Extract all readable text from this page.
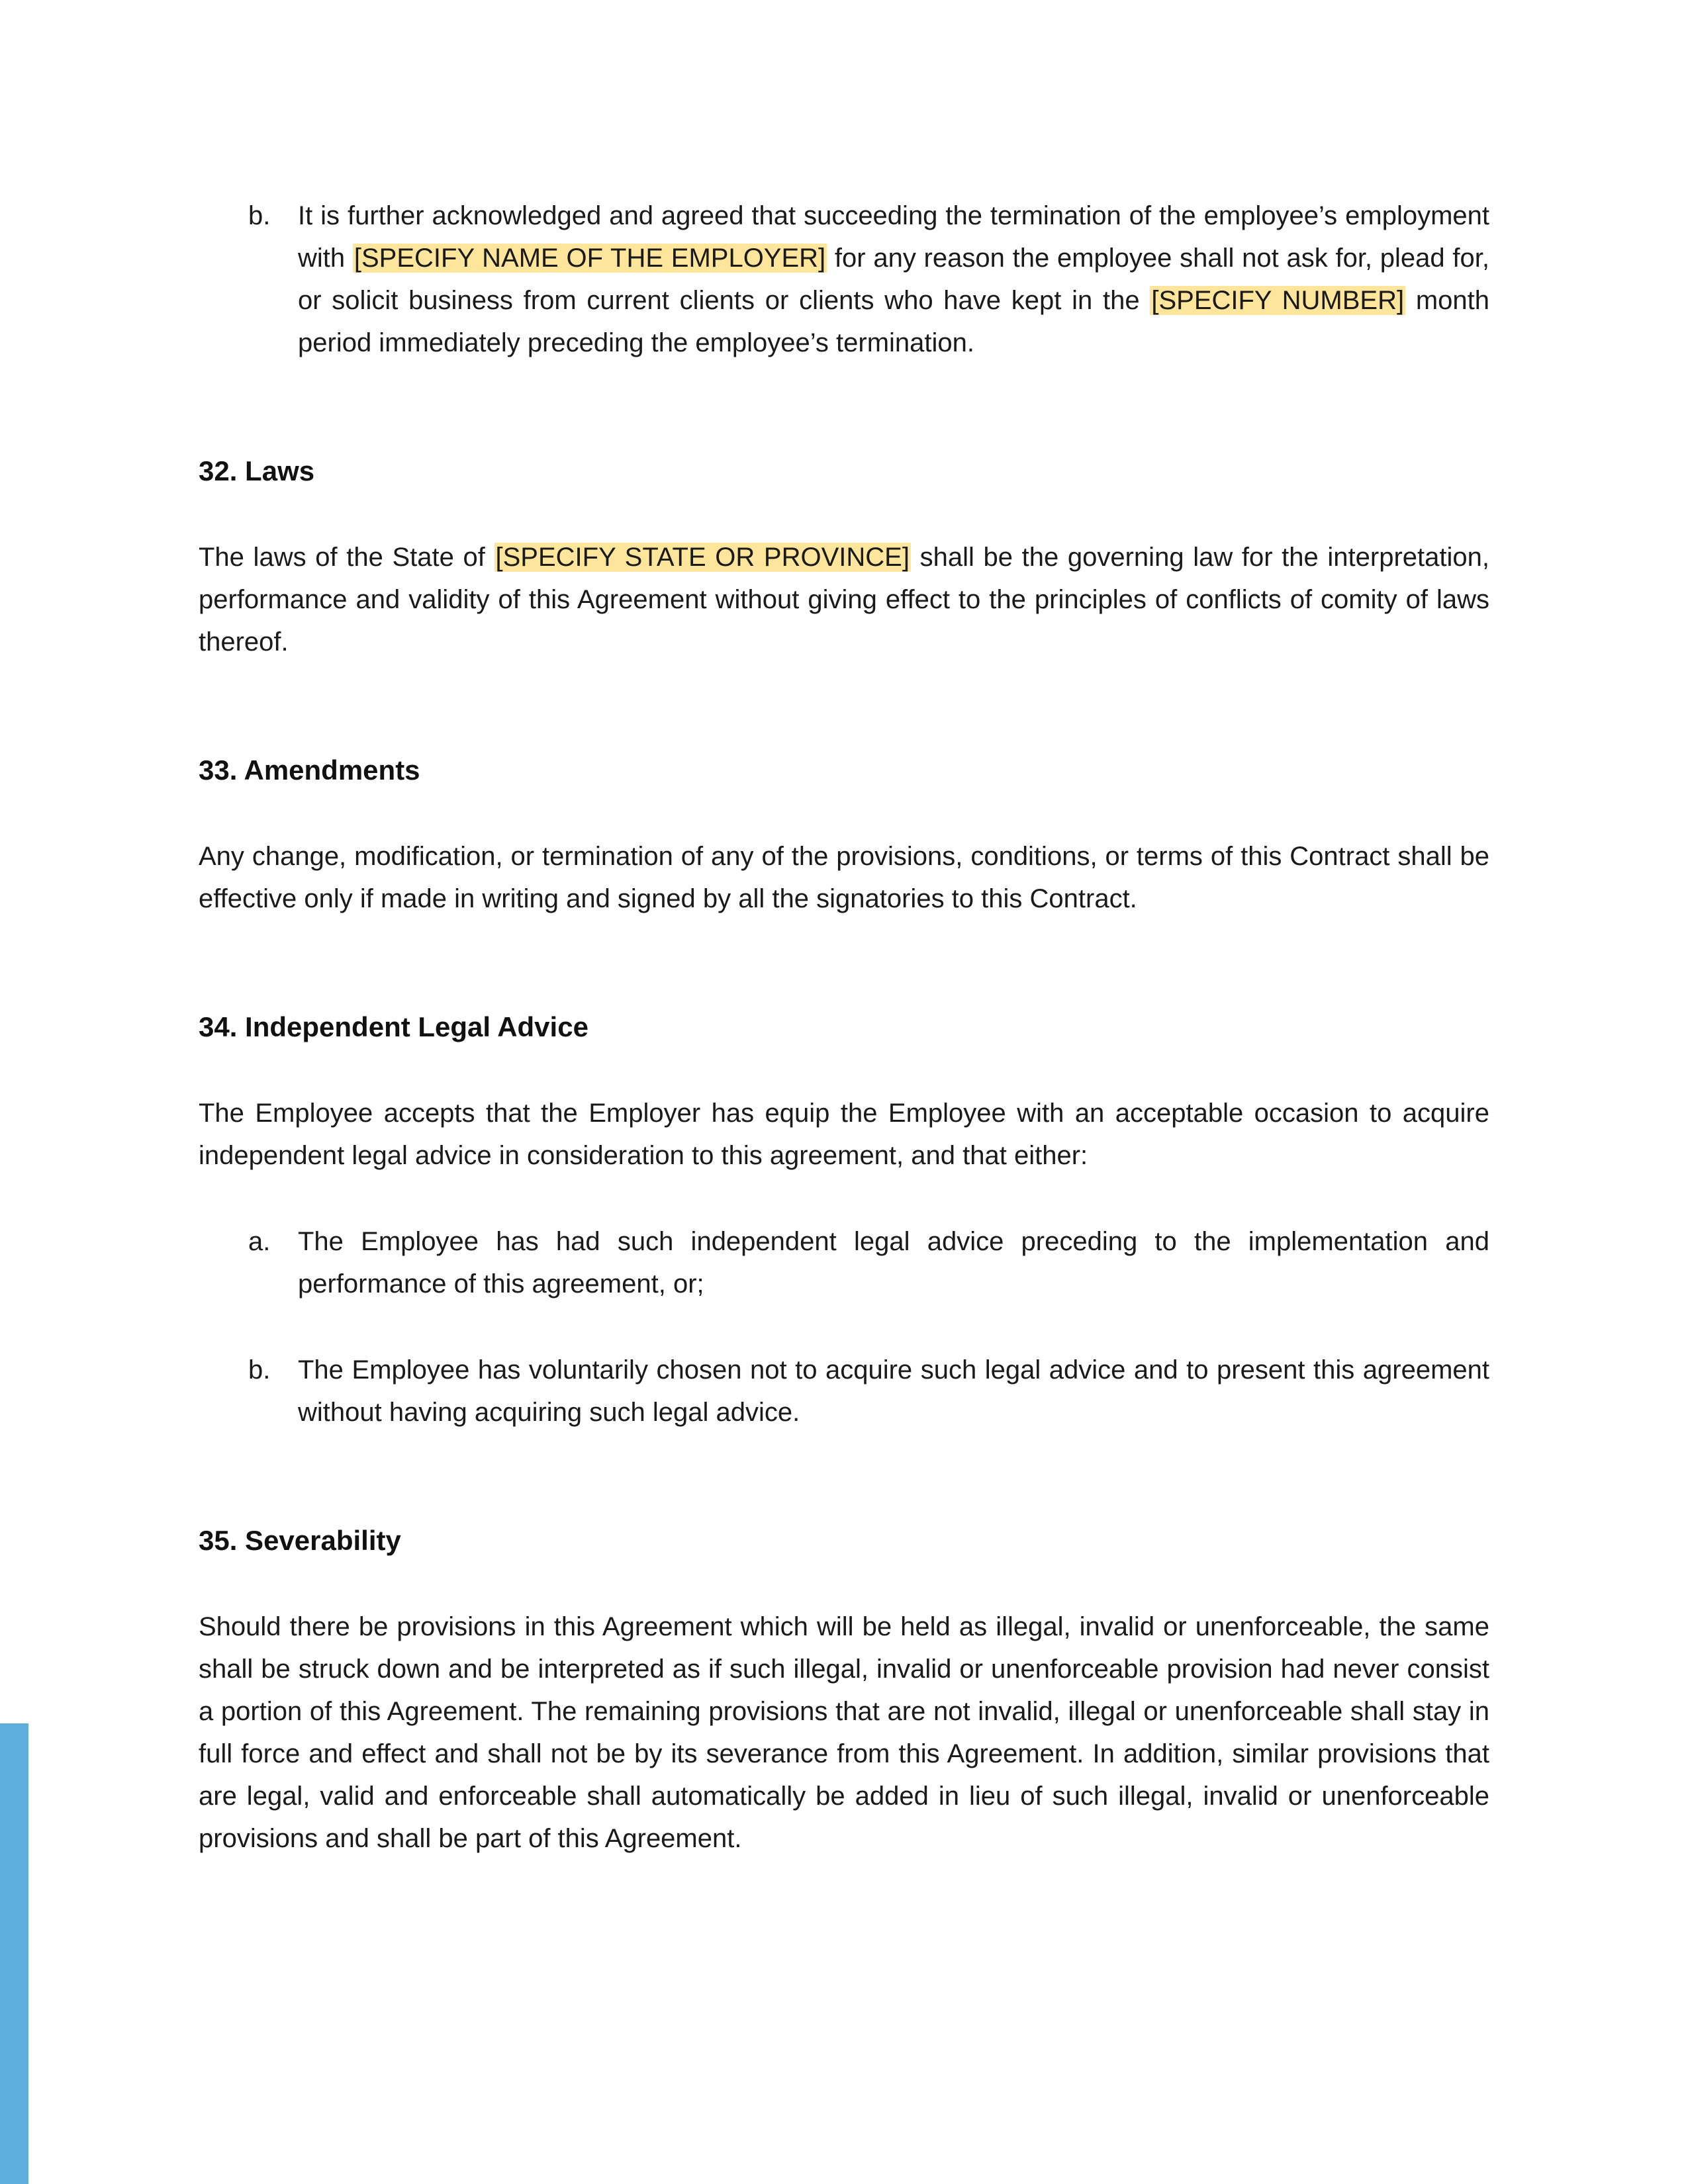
b.	It is further acknowledged and agreed that succeeding the termination of the employee’s employment with [SPECIFY NAME OF THE EMPLOYER] for any reason the employee shall not ask for, plead for, or solicit business from current clients or clients who have kept in the [SPECIFY NUMBER] month period immediately preceding the employee’s termination.
32. Laws

The laws of the State of [SPECIFY STATE OR PROVINCE] shall be the governing law for the interpretation, performance and validity of this Agreement without giving effect to the principles of conflicts of comity of laws thereof.

33. Amendments

Any change, modification, or termination of any of the provisions, conditions, or terms of this Contract shall be effective only if made in writing and signed by all the signatories to this Contract.

34. Independent Legal Advice

The Employee accepts that the Employer has equip the Employee with an acceptable occasion to acquire independent legal advice in consideration to this agreement, and that either:

a.	The Employee has had such independent legal advice preceding to the implementation and performance of this agreement, or;
b.	The Employee has voluntarily chosen not to acquire such legal advice and to present this agreement without having acquiring such legal advice.
35. Severability

Should there be provisions in this Agreement which will be held as illegal, invalid or unenforceable, the same shall be struck down and be interpreted as if such illegal, invalid or unenforceable provision had never consist a portion of this Agreement. The remaining provisions that are not invalid, illegal or unenforceable shall stay in full force and effect and shall not be by its severance from this Agreement. In addition, similar provisions that are legal, valid and enforceable shall automatically be added in lieu of such illegal, invalid or unenforceable provisions and shall be part of this Agreement.
